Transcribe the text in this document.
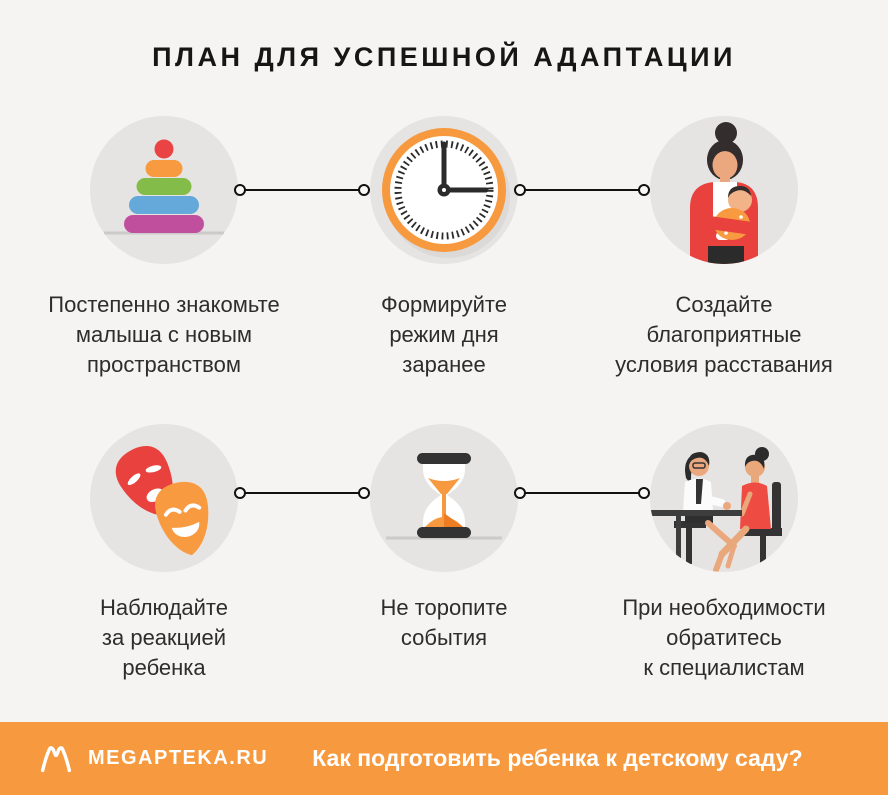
ПЛАН ДЛЯ УСПЕШНОЙ АДАПТАЦИИ
Постепенно знакомьте
малыша с новым
пространством
Формируйте
режим дня
заранее
Создайте
благоприятные
условия расставания
Наблюдайте
за реакцией
ребенка
Не торопите
события
При необходимости
обратитесь
к специалистам
MEGAPTEKA.RU Как подготовить ребенка к детскому саду?
